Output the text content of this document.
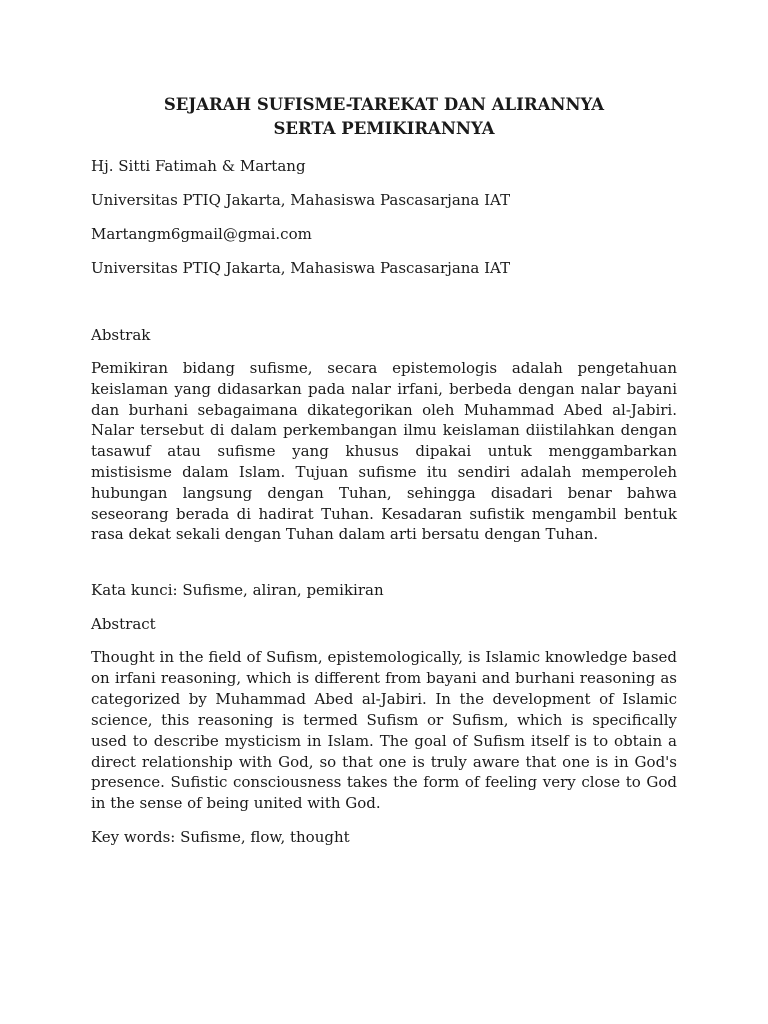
SEJARAH SUFISME-TAREKAT DAN ALIRANNYA
SERTA PEMIKIRANNYA

Hj. Sitti Fatimah & Martang

Universitas PTIQ Jakarta, Mahasiswa Pascasarjana IAT

Martangm6gmail@gmai.com

Universitas PTIQ Jakarta, Mahasiswa Pascasarjana IAT

Abstrak

Pemikiran bidang sufisme, secara epistemologis adalah pengetahuan keislaman yang didasarkan pada nalar irfani, berbeda dengan nalar bayani dan burhani sebagaimana dikategorikan oleh Muhammad Abed al-Jabiri. Nalar tersebut di dalam perkembangan ilmu keislaman diistilahkan dengan tasawuf atau sufisme yang khusus dipakai untuk menggambarkan mistisisme dalam Islam. Tujuan sufisme itu sendiri adalah memperoleh hubungan langsung dengan Tuhan, sehingga disadari benar bahwa seseorang berada di hadirat Tuhan. Kesadaran sufistik mengambil bentuk rasa dekat sekali dengan Tuhan dalam arti bersatu dengan Tuhan.

Kata kunci: Sufisme, aliran, pemikiran

Abstract

Thought in the field of Sufism, epistemologically, is Islamic knowledge based on irfani reasoning, which is different from bayani and burhani reasoning as categorized by Muhammad Abed al-Jabiri. In the development of Islamic science, this reasoning is termed Sufism or Sufism, which is specifically used to describe mysticism in Islam. The goal of Sufism itself is to obtain a direct relationship with God, so that one is truly aware that one is in God's presence. Sufistic consciousness takes the form of feeling very close to God in the sense of being united with God.

Key words: Sufisme, flow, thought
